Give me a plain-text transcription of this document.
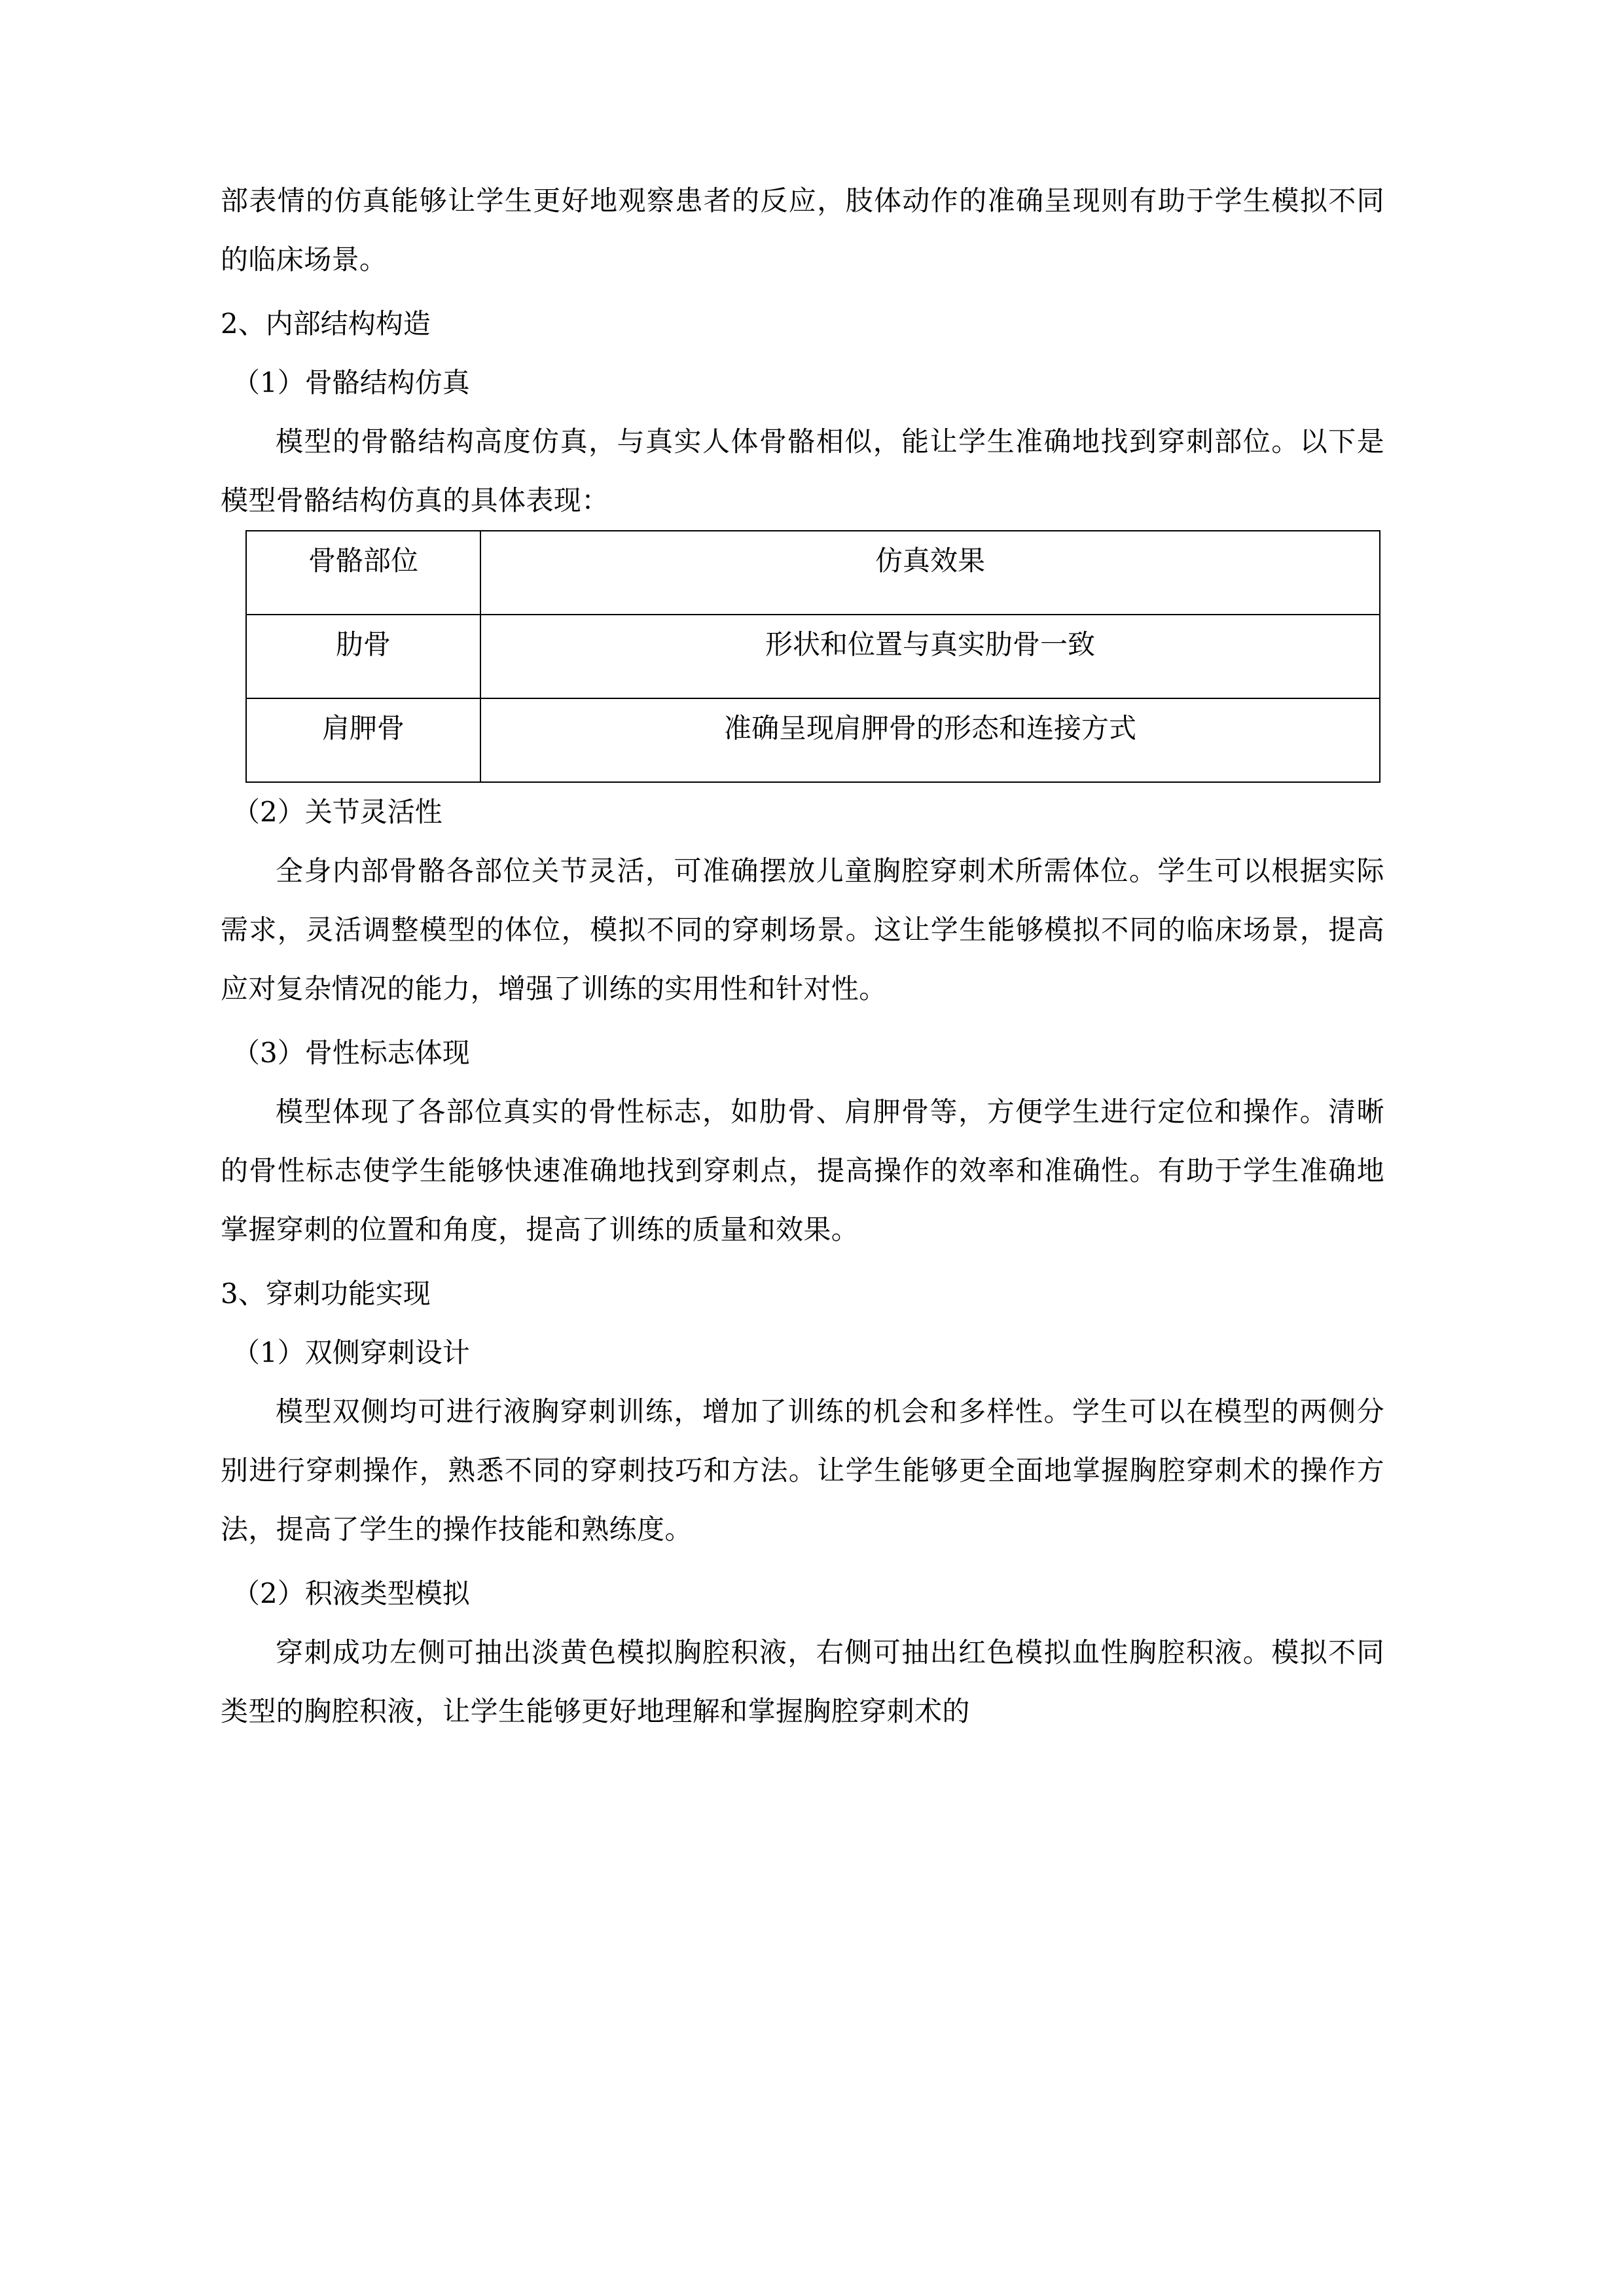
部表情的仿真能够让学生更好地观察患者的反应，肢体动作的准确呈现则有助于学生模拟不同的临床场景。

2、内部结构构造

（1）骨骼结构仿真

模型的骨骼结构高度仿真，与真实人体骨骼相似，能让学生准确地找到穿刺部位。以下是模型骨骼结构仿真的具体表现：

骨骼部位	仿真效果

肋骨	形状和位置与真实肋骨一致

肩胛骨	准确呈现肩胛骨的形态和连接方式

（2）关节灵活性

全身内部骨骼各部位关节灵活，可准确摆放儿童胸腔穿刺术所需体位。学生可以根据实际需求，灵活调整模型的体位，模拟不同的穿刺场景。这让学生能够模拟不同的临床场景，提高应对复杂情况的能力，增强了训练的实用性和针对性。

（3）骨性标志体现

模型体现了各部位真实的骨性标志，如肋骨、肩胛骨等，方便学生进行定位和操作。清晰的骨性标志使学生能够快速准确地找到穿刺点，提高操作的效率和准确性。有助于学生准确地掌握穿刺的位置和角度，提高了训练的质量和效果。

3、穿刺功能实现

（1）双侧穿刺设计

模型双侧均可进行液胸穿刺训练，增加了训练的机会和多样性。学生可以在模型的两侧分别进行穿刺操作，熟悉不同的穿刺技巧和方法。让学生能够更全面地掌握胸腔穿刺术的操作方法，提高了学生的操作技能和熟练度。

（2）积液类型模拟

穿刺成功左侧可抽出淡黄色模拟胸腔积液，右侧可抽出红色模拟血性胸腔积液。模拟不同类型的胸腔积液，让学生能够更好地理解和掌握胸腔穿刺术的
